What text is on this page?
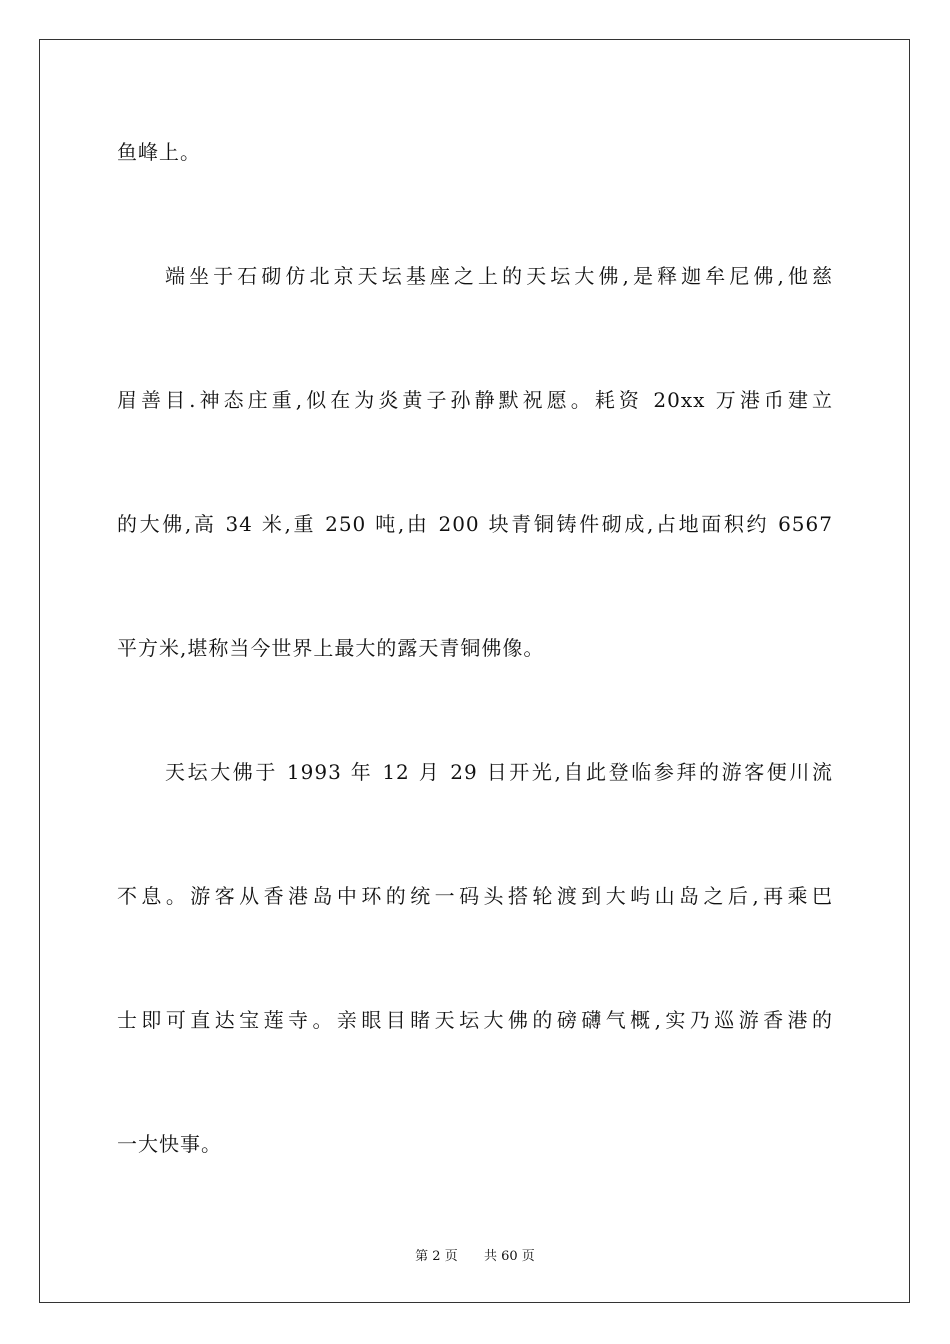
鱼峰上。
端坐于石砌仿北京天坛基座之上的天坛大佛,是释迦牟尼佛,他慈
眉善目.神态庄重,似在为炎黄子孙静默祝愿。耗资 20xx 万港币建立
的大佛,高 34 米,重 250 吨,由 200 块青铜铸件砌成,占地面积约 6567
平方米,堪称当今世界上最大的露天青铜佛像。
天坛大佛于 1993 年 12 月 29 日开光,自此登临参拜的游客便川流
不息。游客从香港岛中环的统一码头搭轮渡到大屿山岛之后,再乘巴
士即可直达宝莲寺。亲眼目睹天坛大佛的磅礴气概,实乃巡游香港的
一大快事。
第 2 页 共 60 页
